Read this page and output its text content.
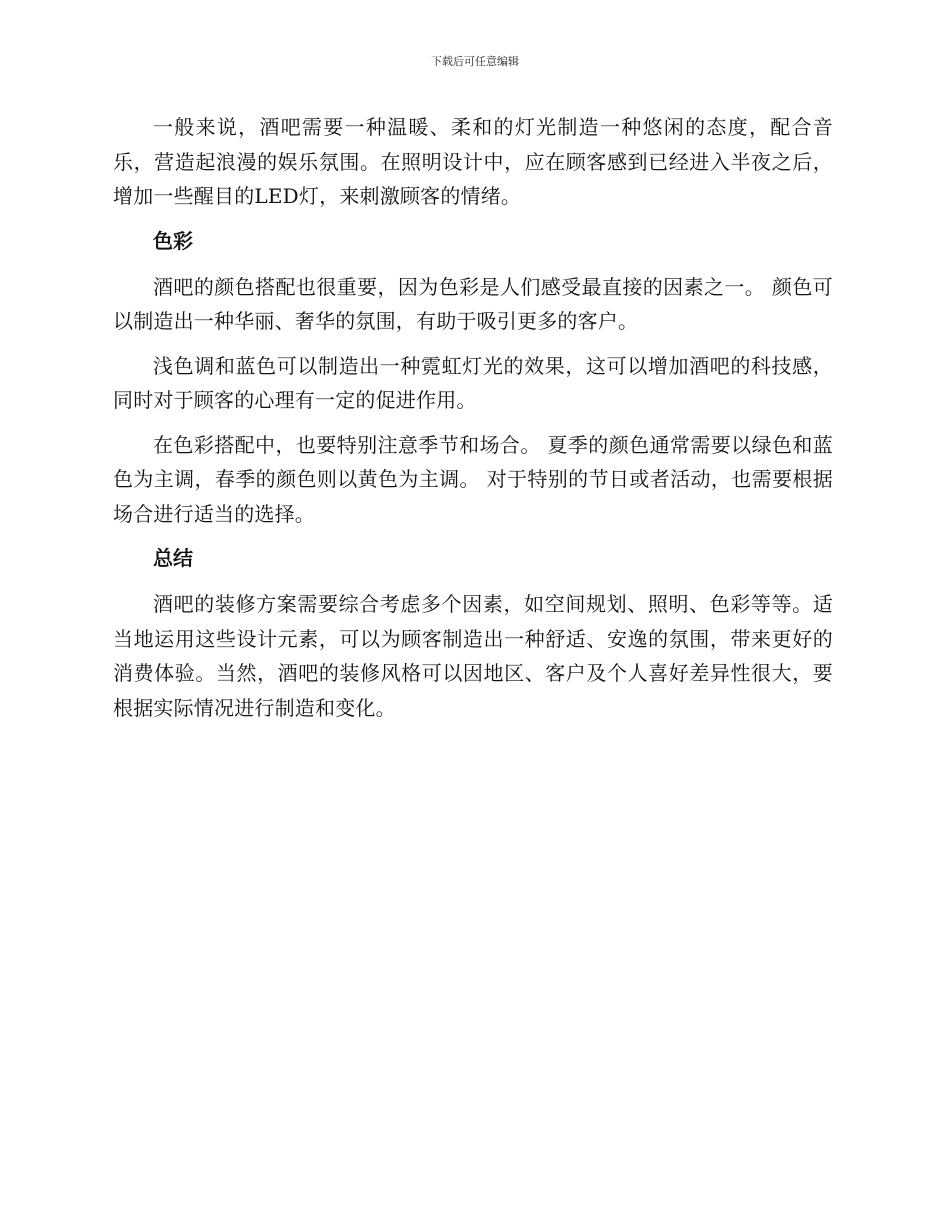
下载后可任意编辑

一般来说，酒吧需要一种温暖、柔和的灯光制造一种悠闲的态度，配合音乐，营造起浪漫的娱乐氛围。在照明设计中，应在顾客感到已经进入半夜之后，增加一些醒目的LED灯，来刺激顾客的情绪。

色彩

酒吧的颜色搭配也很重要，因为色彩是人们感受最直接的因素之一。 颜色可以制造出一种华丽、奢华的氛围，有助于吸引更多的客户。

浅色调和蓝色可以制造出一种霓虹灯光的效果，这可以增加酒吧的科技感，同时对于顾客的心理有一定的促进作用。

在色彩搭配中，也要特别注意季节和场合。 夏季的颜色通常需要以绿色和蓝色为主调，春季的颜色则以黄色为主调。 对于特别的节日或者活动，也需要根据场合进行适当的选择。

总结

酒吧的装修方案需要综合考虑多个因素，如空间规划、照明、色彩等等。适当地运用这些设计元素，可以为顾客制造出一种舒适、安逸的氛围，带来更好的消费体验。当然，酒吧的装修风格可以因地区、客户及个人喜好差异性很大，要根据实际情况进行制造和变化。
